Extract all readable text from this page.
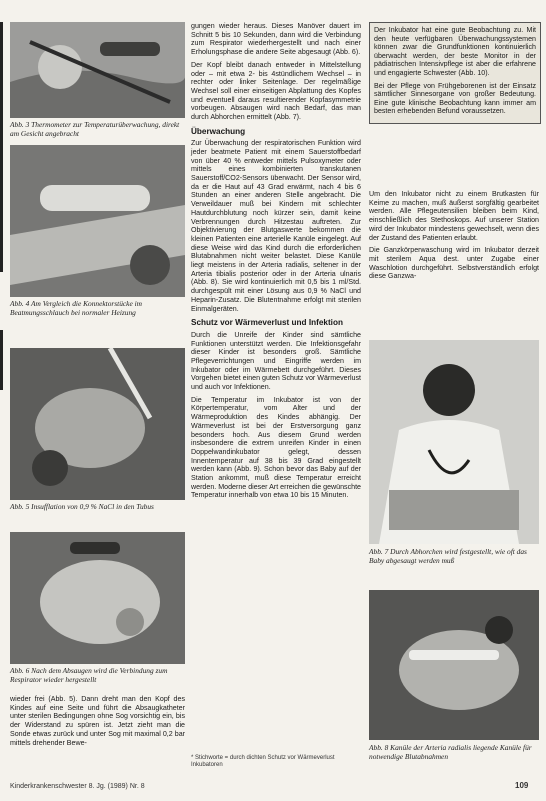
Abb. 3 Thermometer zur Temperaturüberwachung, direkt am Gesicht angebracht
Abb. 4 Am Vergleich die Konnektorstücke im Beatmungsschlauch bei normaler Heizung
Abb. 5 Insufflation von 0,9 % NaCl in den Tubus
Abb. 6 Nach dem Absaugen wird die Verbindung zum Respirator wieder hergestellt

wieder frei (Abb. 5). Dann dreht man den Kopf des Kindes auf eine Seite und führt die Absaugkatheter unter sterilen Bedingungen ohne Sog vorsichtig ein, bis der Widerstand zu spüren ist. Jetzt zieht man die Sonde etwas zurück und unter Sog mit maximal 0,2 bar mittels drehender Bewe-

gungen wieder heraus. Dieses Manöver dauert im Schnitt 5 bis 10 Sekunden, dann wird die Verbindung zum Respirator wiederhergestellt und nach einer Erholungsphase die andere Seite abgesaugt (Abb. 6).

Der Kopf bleibt danach entweder in Mittelstellung oder – mit etwa 2- bis 4stündlichem Wechsel – in rechter oder linker Seitenlage. Der regelmäßige Wechsel soll einer einseitigen Abplattung des Kopfes und eventuell daraus resultierender Kopfasymmetrie vorbeugen. Absaugen wird nach Bedarf, das man durch Abhorchen ermittelt (Abb. 7).

Überwachung

Zur Überwachung der respiratorischen Funktion wird jeder beatmete Patient mit einem Sauerstoffbedarf von über 40 % entweder mittels Pulsoxymeter oder mittels eines kombinierten transkutanen Sauerstoff/CO2-Sensors überwacht. Der Sensor wird, da er die Haut auf 43 Grad erwärmt, nach 4 bis 6 Stunden an einer anderen Stelle angebracht. Die Verweildauer muß bei Kindern mit schlechter Hautdurchblutung noch kürzer sein, damit keine Verbrennungen durch Hitzestau auftreten. Zur Objektivierung der Blutgaswerte bekommen die kleinen Patienten eine arterielle Kanüle eingelegt. Auf diese Weise wird das Kind durch die erforderlichen Blutabnahmen nicht weiter belastet. Diese Kanüle liegt meistens in der Arteria radialis, seltener in der Arteria tibialis posterior oder in der Arteria ulnaris (Abb. 8). Sie wird kontinuierlich mit 0,5 bis 1 ml/Std. durchgespült mit einer Lösung aus 0,9 % NaCl und Heparin-Zusatz. Die Blutentnahme erfolgt mit sterilen Einmalgeräten.

Schutz vor Wärmeverlust und Infektion

Durch die Unreife der Kinder sind sämtliche Funktionen unterstützt werden. Die Infektionsgefahr dieser Kinder ist besonders groß. Sämtliche Pflegeverrichtungen und Eingriffe werden im Inkubator oder im Wärmebett durchgeführt. Dieses Vorgehen bietet einen guten Schutz vor Wärmeverlust und auch vor Infektionen.

Die Temperatur im Inkubator ist von der Körpertemperatur, vom Alter und der Wärmeproduktion des Kindes abhängig. Der Wärmeverlust ist bei der Erstversorgung ganz besonders hoch. Aus diesem Grund werden insbesondere die extrem unreifen Kinder in einen Doppelwandinkubator gelegt, dessen Innentemperatur auf 38 bis 39 Grad eingestellt werden kann (Abb. 9). Schon bevor das Baby auf der Station ankommt, muß diese Temperatur erreicht werden. Moderne dieser Art erreichen die gewünschte Temperatur innerhalb von etwa 10 bis 15 Minuten.

* Stichworte = durch dichten Schutz vor Wärmeverlust Inkubatoren

Der Inkubator hat eine gute Beobachtung zu. Mit den heute verfügbaren Überwachungssystemen können zwar die Grundfunktionen kontinuierlich überwacht werden, der beste Monitor in der pädiatrischen Intensivpflege ist aber die erfahrene und engagierte Schwester (Abb. 10).

Bei der Pflege von Frühgeborenen ist der Einsatz sämtlicher Sinnesorgane von großer Bedeutung. Eine gute klinische Beobachtung kann immer am besten erhebenden Befund voraussetzen.

Um den Inkubator nicht zu einem Brutkasten für Keime zu machen, muß äußerst sorgfältig gearbeitet werden. Alle Pflegeutensilien bleiben beim Kind, einschließlich des Stethoskops. Auf unserer Station wird der Inkubator mindestens gewechselt, wenn dies der Zustand des Patienten erlaubt.

Die Ganzkörperwaschung wird im Inkubator derzeit mit sterilem Aqua dest. unter Zugabe einer Waschlotion durchgeführt. Selbstverständlich erfolgt diese Ganzwa-

Abb. 7 Durch Abhorchen wird festgestellt, wie oft das Baby abgesaugt werden muß
Abb. 8 Kanüle der Arteria radialis liegende Kanüle für notwendige Blutabnahmen
Kinderkrankenschwester 8. Jg. (1989) Nr. 8	109
